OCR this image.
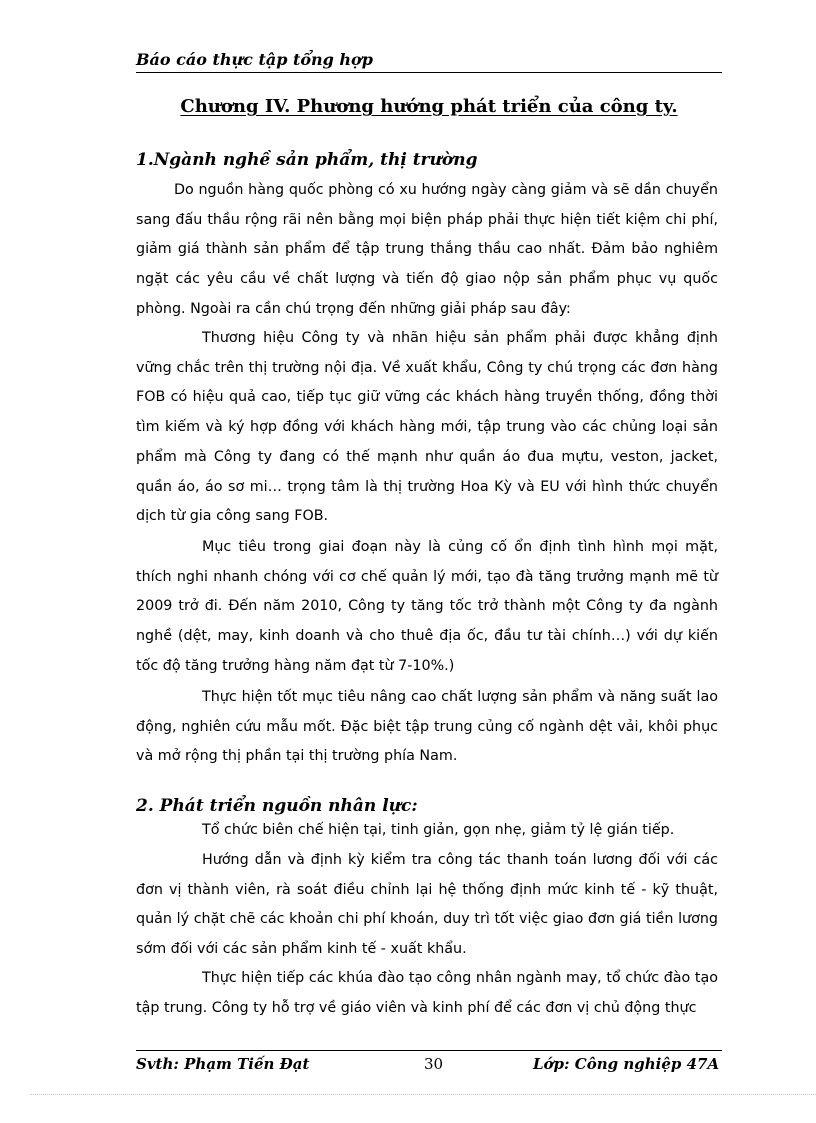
Báo cáo thực tập tổng hợp
Chương IV. Phương hướng phát triển của công ty.
1.Ngành nghề sản phẩm, thị trường

Do nguồn hàng quốc phòng có xu hướng ngày càng giảm và sẽ dần chuyển sang đấu thầu rộng rãi nên bằng mọi biện pháp phải thực hiện tiết kiệm chi phí, giảm giá thành sản phẩm để tập trung thắng thầu cao nhất. Đảm bảo nghiêm ngặt các yêu cầu về chất lượng và tiến độ giao nộp sản phẩm phục vụ quốc phòng. Ngoài ra cần chú trọng đến những giải pháp sau đây:

Thương hiệu Công ty và nhãn hiệu sản phẩm phải được khẳng định vững chắc trên thị trường nội địa. Về xuất khẩu, Công ty chú trọng các đơn hàng FOB có hiệu quả cao, tiếp tục giữ vững các khách hàng truyền thống, đồng thời tìm kiếm và ký hợp đồng với khách hàng mới, tập trung vào các chủng loại sản phẩm mà Công ty đang có thế mạnh như quần áo đua mựtu, veston, jacket, quần áo, áo sơ mi… trọng tâm là thị trường Hoa Kỳ và EU với hình thức chuyển dịch từ gia công sang FOB.

Mục tiêu trong giai đoạn này là củng cố ổn định tình hình mọi mặt, thích nghi nhanh chóng với cơ chế quản lý mới, tạo đà tăng trưởng mạnh mẽ từ 2009 trở đi. Đến năm 2010, Công ty tăng tốc trở thành một Công ty đa ngành nghề (dệt, may, kinh doanh và cho thuê địa ốc, đầu tư tài chính…) với dự kiến tốc độ tăng trưởng hàng năm đạt từ 7-10%.)

Thực hiện tốt mục tiêu nâng cao chất lượng sản phẩm và năng suất lao động, nghiên cứu mẫu mốt. Đặc biệt tập trung củng cố ngành dệt vải, khôi phục và mở rộng thị phần tại thị trường phía Nam.

2. Phát triển nguồn nhân lực:

Tổ chức biên chế hiện tại, tinh giản, gọn nhẹ, giảm tỷ lệ gián tiếp.

Hướng dẫn và định kỳ kiểm tra công tác thanh toán lương đối với các đơn vị thành viên, rà soát điều chỉnh lại hệ thống định mức kinh tế - kỹ thuật, quản lý chặt chẽ các khoản chi phí khoán, duy trì tốt việc giao đơn giá tiền lương sớm đối với các sản phẩm kinh tế - xuất khẩu.

Thực hiện tiếp các khúa đào tạo công nhân ngành may, tổ chức đào tạo tập trung. Công ty hỗ trợ về giáo viên và kinh phí để các đơn vị chủ động thực

Svth: Phạm Tiến Đạt	30	Lớp: Công nghiệp 47A
